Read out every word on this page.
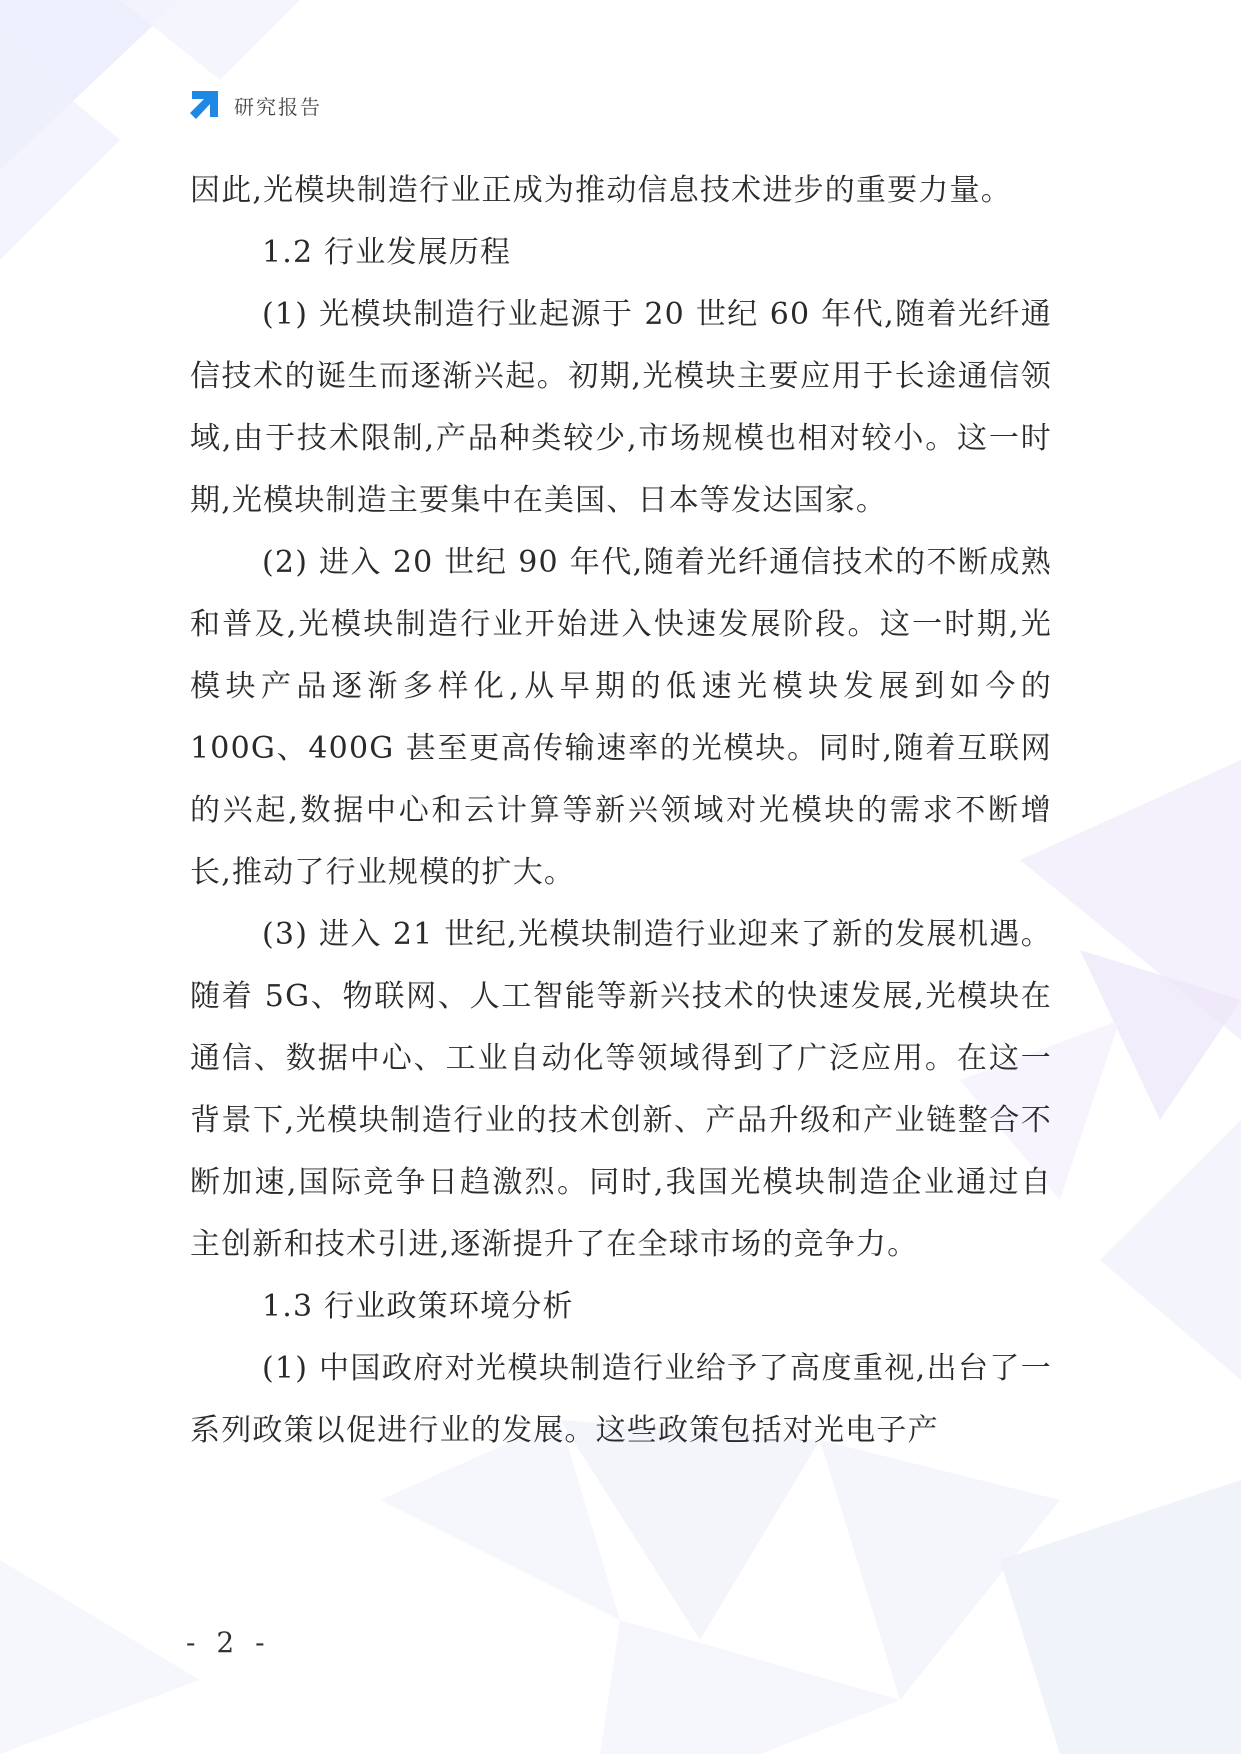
研究报告

因此,光模块制造行业正成为推动信息技术进步的重要力量。

1.2 行业发展历程

(1) 光模块制造行业起源于 20 世纪 60 年代,随着光纤通信技术的诞生而逐渐兴起。初期,光模块主要应用于长途通信领域,由于技术限制,产品种类较少,市场规模也相对较小。这一时期,光模块制造主要集中在美国、日本等发达国家。

(2) 进入 20 世纪 90 年代,随着光纤通信技术的不断成熟和普及,光模块制造行业开始进入快速发展阶段。这一时期,光模块产品逐渐多样化,从早期的低速光模块发展到如今的 100G、400G 甚至更高传输速率的光模块。同时,随着互联网的兴起,数据中心和云计算等新兴领域对光模块的需求不断增长,推动了行业规模的扩大。

(3) 进入 21 世纪,光模块制造行业迎来了新的发展机遇。随着 5G、物联网、人工智能等新兴技术的快速发展,光模块在通信、数据中心、工业自动化等领域得到了广泛应用。在这一背景下,光模块制造行业的技术创新、产品升级和产业链整合不断加速,国际竞争日趋激烈。同时,我国光模块制造企业通过自主创新和技术引进,逐渐提升了在全球市场的竞争力。

1.3 行业政策环境分析

(1) 中国政府对光模块制造行业给予了高度重视,出台了一系列政策以促进行业的发展。这些政策包括对光电子产

- 2 -
